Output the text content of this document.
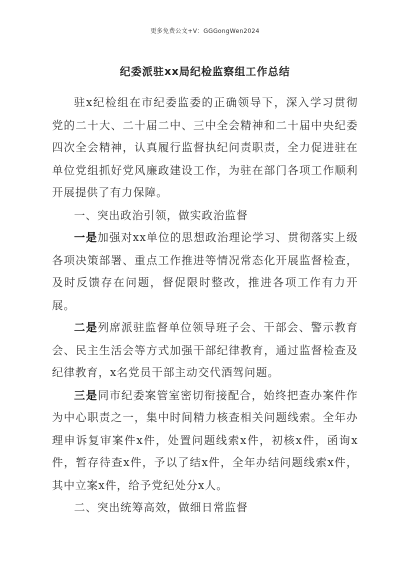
更多免费公文+V：GGGongWen2024
纪委派驻xx局纪检监察组工作总结

驻x纪检组在市纪委监委的正确领导下，深入学习贯彻党的二十大、二十届二中、三中全会精神和二十届中央纪委四次全会精神，认真履行监督执纪问责职责，全力促进驻在单位党组抓好党风廉政建设工作，为驻在部门各项工作顺利开展提供了有力保障。

一、突出政治引领，做实政治监督

一是加强对xx单位的思想政治理论学习、贯彻落实上级各项决策部署、重点工作推进等情况常态化开展监督检查，及时反馈存在问题，督促限时整改，推进各项工作有力开展。

二是列席派驻监督单位领导班子会、干部会、警示教育会、民主生活会等方式加强干部纪律教育，通过监督检查及纪律教育，x名党员干部主动交代酒驾问题。

三是同市纪委案管室密切衔接配合，始终把查办案件作为中心职责之一，集中时间精力核查相关问题线索。全年办理申诉复审案件x件，处置问题线索x件，初核x件，函询x件，暂存待查x件，予以了结x件，全年办结问题线索x件，其中立案x件，给予党纪处分x人。

二、突出统筹高效，做细日常监督
